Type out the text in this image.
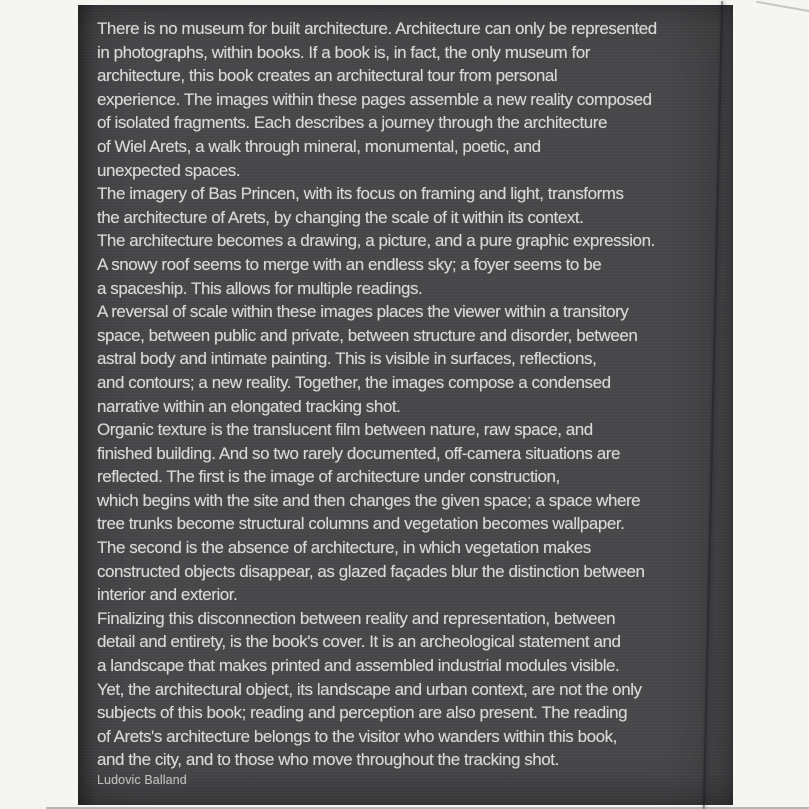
There is no museum for built architecture. Architecture can only be represented
in photographs, within books. If a book is, in fact, the only museum for
architecture, this book creates an architectural tour from personal
experience. The images within these pages assemble a new reality composed
of isolated fragments. Each describes a journey through the architecture
of Wiel Arets, a walk through mineral, monumental, poetic, and
unexpected spaces.
The imagery of Bas Princen, with its focus on framing and light, transforms
the architecture of Arets, by changing the scale of it within its context.
The architecture becomes a drawing, a picture, and a pure graphic expression.
A snowy roof seems to merge with an endless sky; a foyer seems to be
a spaceship. This allows for multiple readings.
A reversal of scale within these images places the viewer within a transitory
space, between public and private, between structure and disorder, between
astral body and intimate painting. This is visible in surfaces, reflections,
and contours; a new reality. Together, the images compose a condensed
narrative within an elongated tracking shot.
Organic texture is the translucent film between nature, raw space, and
finished building. And so two rarely documented, off-camera situations are
reflected. The first is the image of architecture under construction,
which begins with the site and then changes the given space; a space where
tree trunks become structural columns and vegetation becomes wallpaper.
The second is the absence of architecture, in which vegetation makes
constructed objects disappear, as glazed façades blur the distinction between
interior and exterior.
Finalizing this disconnection between reality and representation, between
detail and entirety, is the book's cover. It is an archeological statement and
a landscape that makes printed and assembled industrial modules visible.
Yet, the architectural object, its landscape and urban context, are not the only
subjects of this book; reading and perception are also present. The reading
of Arets's architecture belongs to the visitor who wanders within this book,
and the city, and to those who move throughout the tracking shot.
Ludovic Balland
